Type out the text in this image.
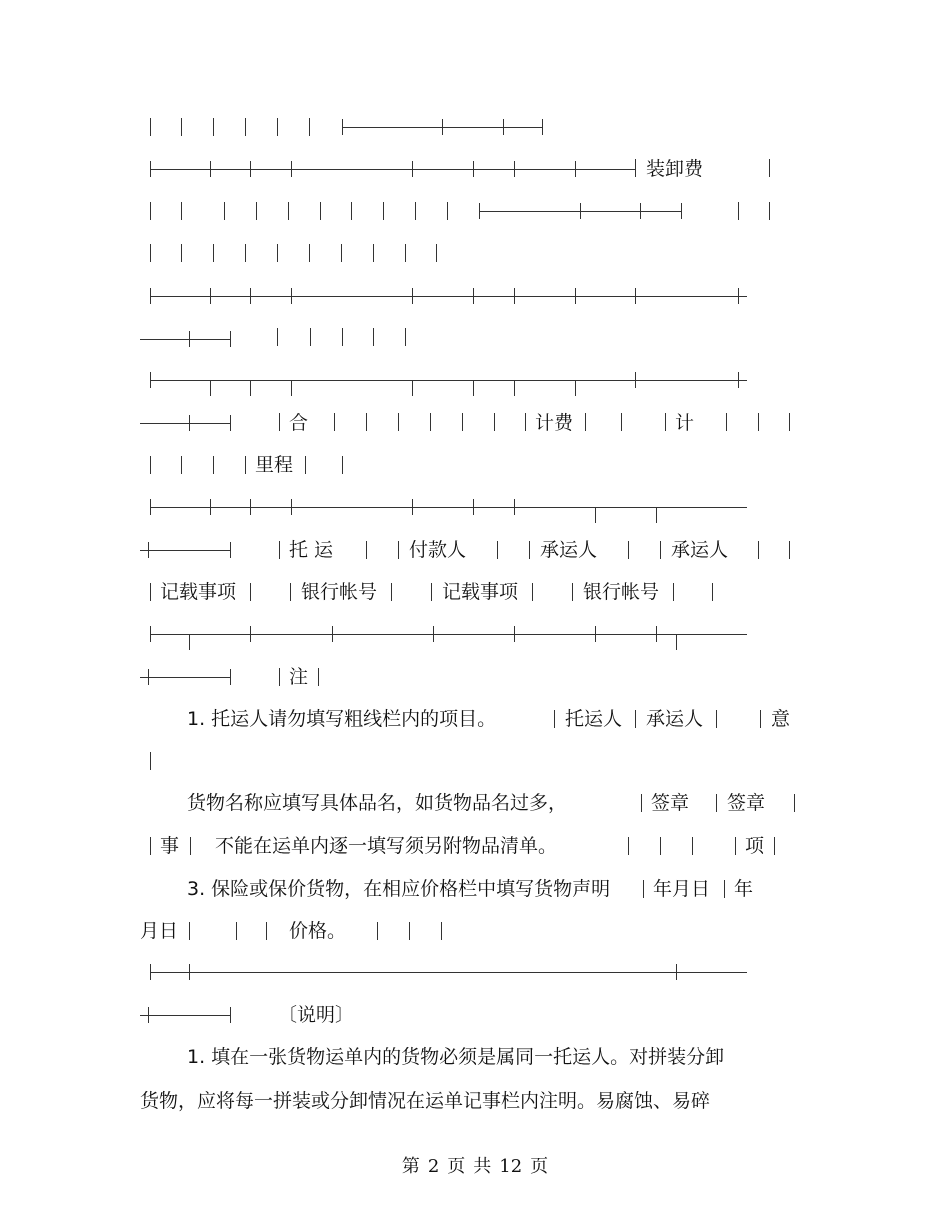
装卸费
合	计费	计
里程
托 运	付款人	承运人	承运人
记载事项	银行帐号	记载事项	银行帐号
注
1. 托运人请勿填写粗线栏内的项目。	托运人 承运人	意
货物名称应填写具体品名，如货物品名过多，	签章 签章
事 不能在运单内逐一填写须另附物品清单。	项
3. 保险或保价货物，在相应价格栏中填写货物声明 年月日 年
月日	价格。
〔说明〕
1. 填在一张货物运单内的货物必须是属同一托运人。对拼装分卸
货物，应将每一拼装或分卸情况在运单记事栏内注明。易腐蚀、易碎
第 2 页 共 12 页
